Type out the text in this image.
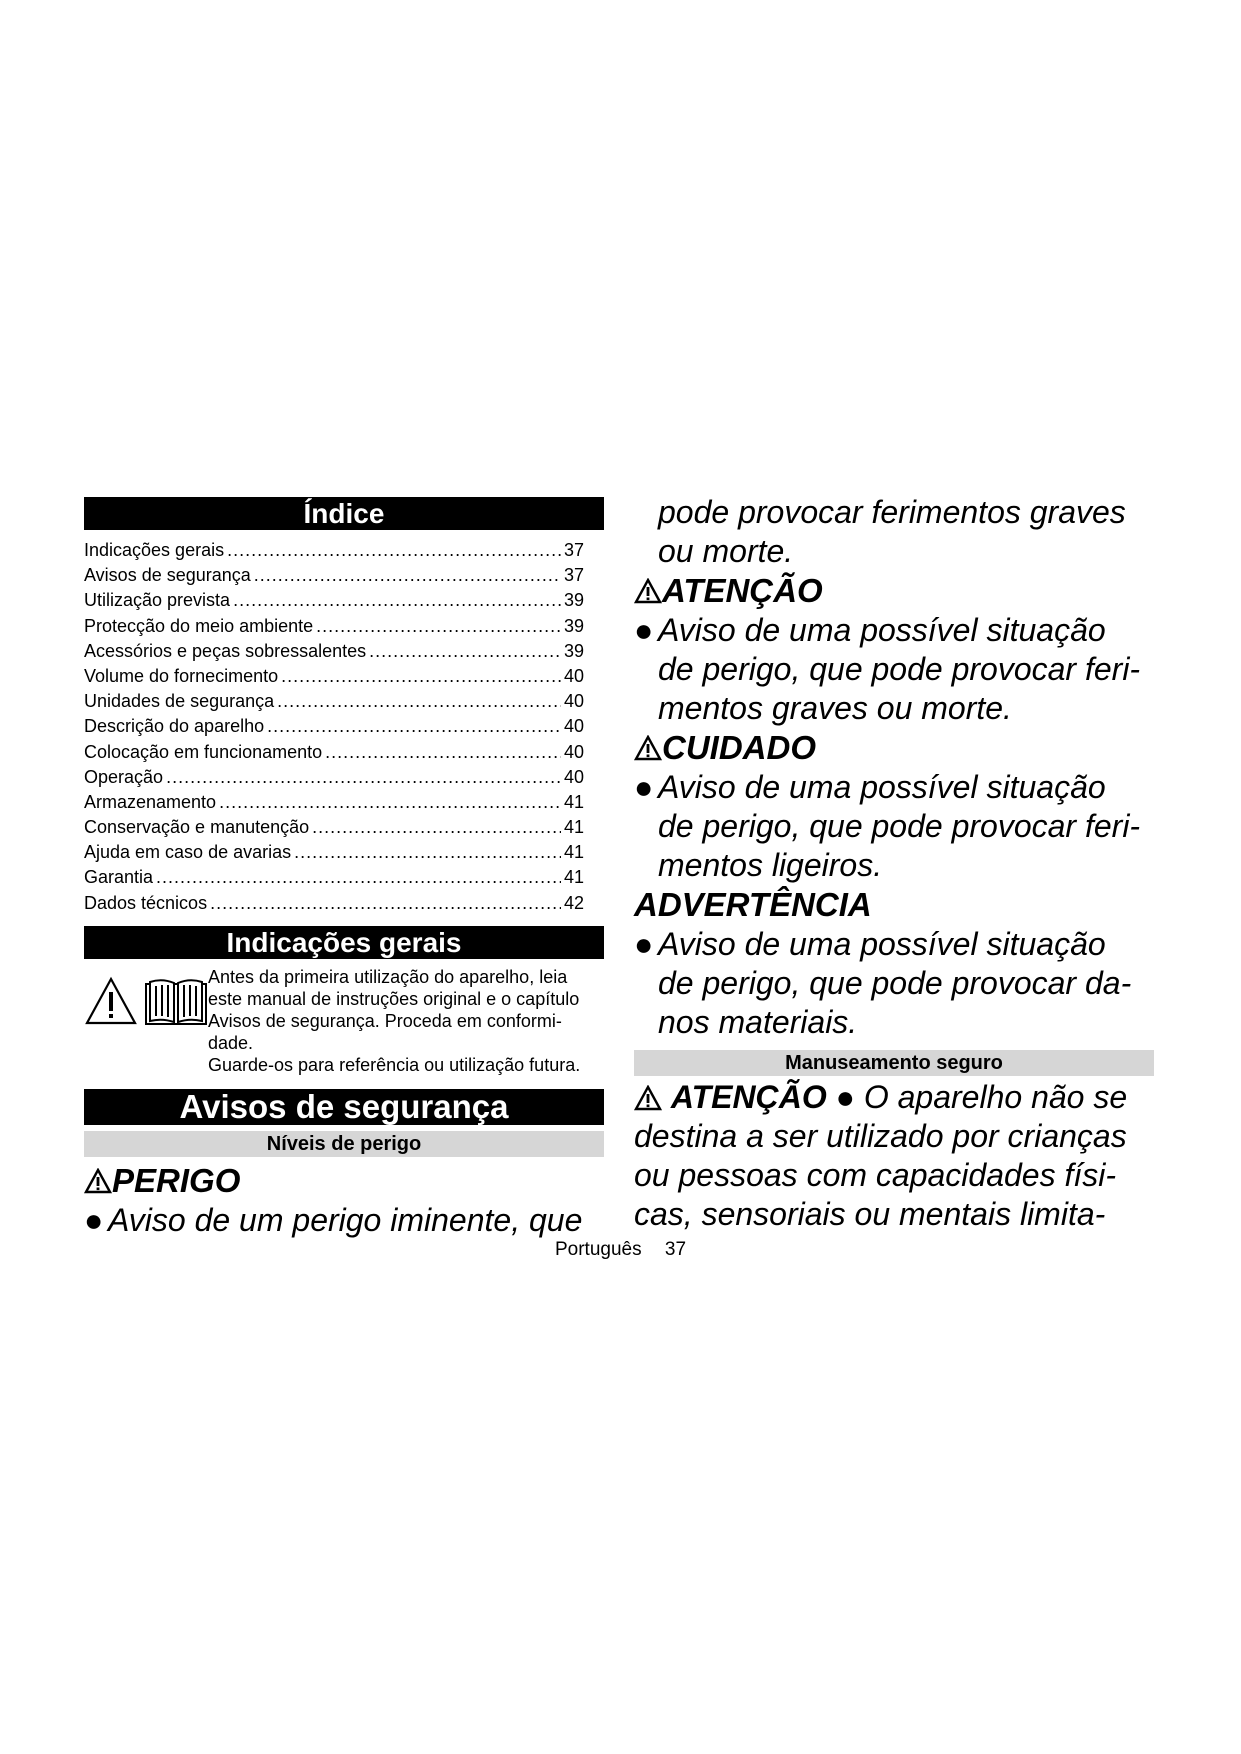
Índice
Indicações gerais .....	37
Avisos de segurança .....	37
Utilização prevista .....	39
Protecção do meio ambiente .....	39
Acessórios e peças sobressalentes .....	39
Volume do fornecimento .....	40
Unidades de segurança .....	40
Descrição do aparelho .....	40
Colocação em funcionamento .....	40
Operação .....	40
Armazenamento .....	41
Conservação e manutenção .....	41
Ajuda em caso de avarias .....	41
Garantia .....	41
Dados técnicos .....	42
Indicações gerais

Antes da primeira utilização do aparelho, leia

este manual de instruções original e o capítulo

Avisos de segurança. Proceda em conformi-

dade.

Guarde-os para referência ou utilização futura.

Avisos de segurança
Níveis de perigo
PERIGO
● Aviso de um perigo iminente, que
pode provocar ferimentos graves
ou morte.
ATENÇÃO
● Aviso de uma possível situação
de perigo, que pode provocar feri-
mentos graves ou morte.
CUIDADO
● Aviso de uma possível situação
de perigo, que pode provocar feri-
mentos ligeiros.
ADVERTÊNCIA
● Aviso de uma possível situação
de perigo, que pode provocar da-
nos materiais.
Manuseamento seguro
ATENÇÃO ● O aparelho não se
destina a ser utilizado por crianças
ou pessoas com capacidades físi-
cas, sensoriais ou mentais limita-
Português 37
